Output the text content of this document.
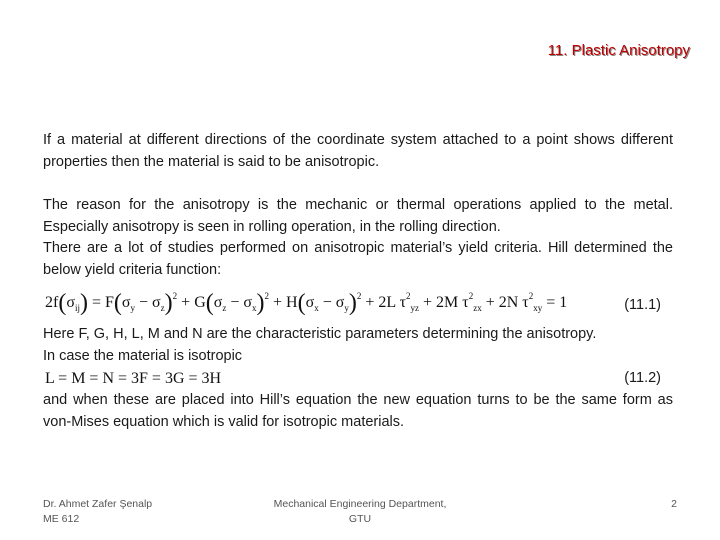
11. Plastic Anisotropy
If a material at different directions of the coordinate system attached to a point shows different properties then the material is said to be anisotropic.
The reason for the anisotropy is the mechanic or thermal operations applied to the metal. Especially anisotropy is seen in rolling operation, in the rolling direction.
There are a lot of studies performed on anisotropic material’s yield criteria. Hill determined the below yield criteria function:
$2f(\sigma_{ij}) = F(\sigma_y - \sigma_z)^2 + G(\sigma_z - \sigma_x)^2 + H(\sigma_x - \sigma_y)^2 + 2L$ $\tau^2_{yz} + 2M$ $\tau^2_{zx} + 2N$ $\tau^2_{xy} = 1$	(11.1)
Here F, G, H, L, M and N are the characteristic parameters determining the anisotropy.
In case the material is isotropic
L = M = N = 3F = 3G = 3H	(11.2)
and when these are placed into Hill’s equation the new equation turns to be the same form as von-Mises equation which is valid for isotropic materials.
Dr. Ahmet Zafer Şenalp
ME 612
Mechanical Engineering Department,
GTU
2
